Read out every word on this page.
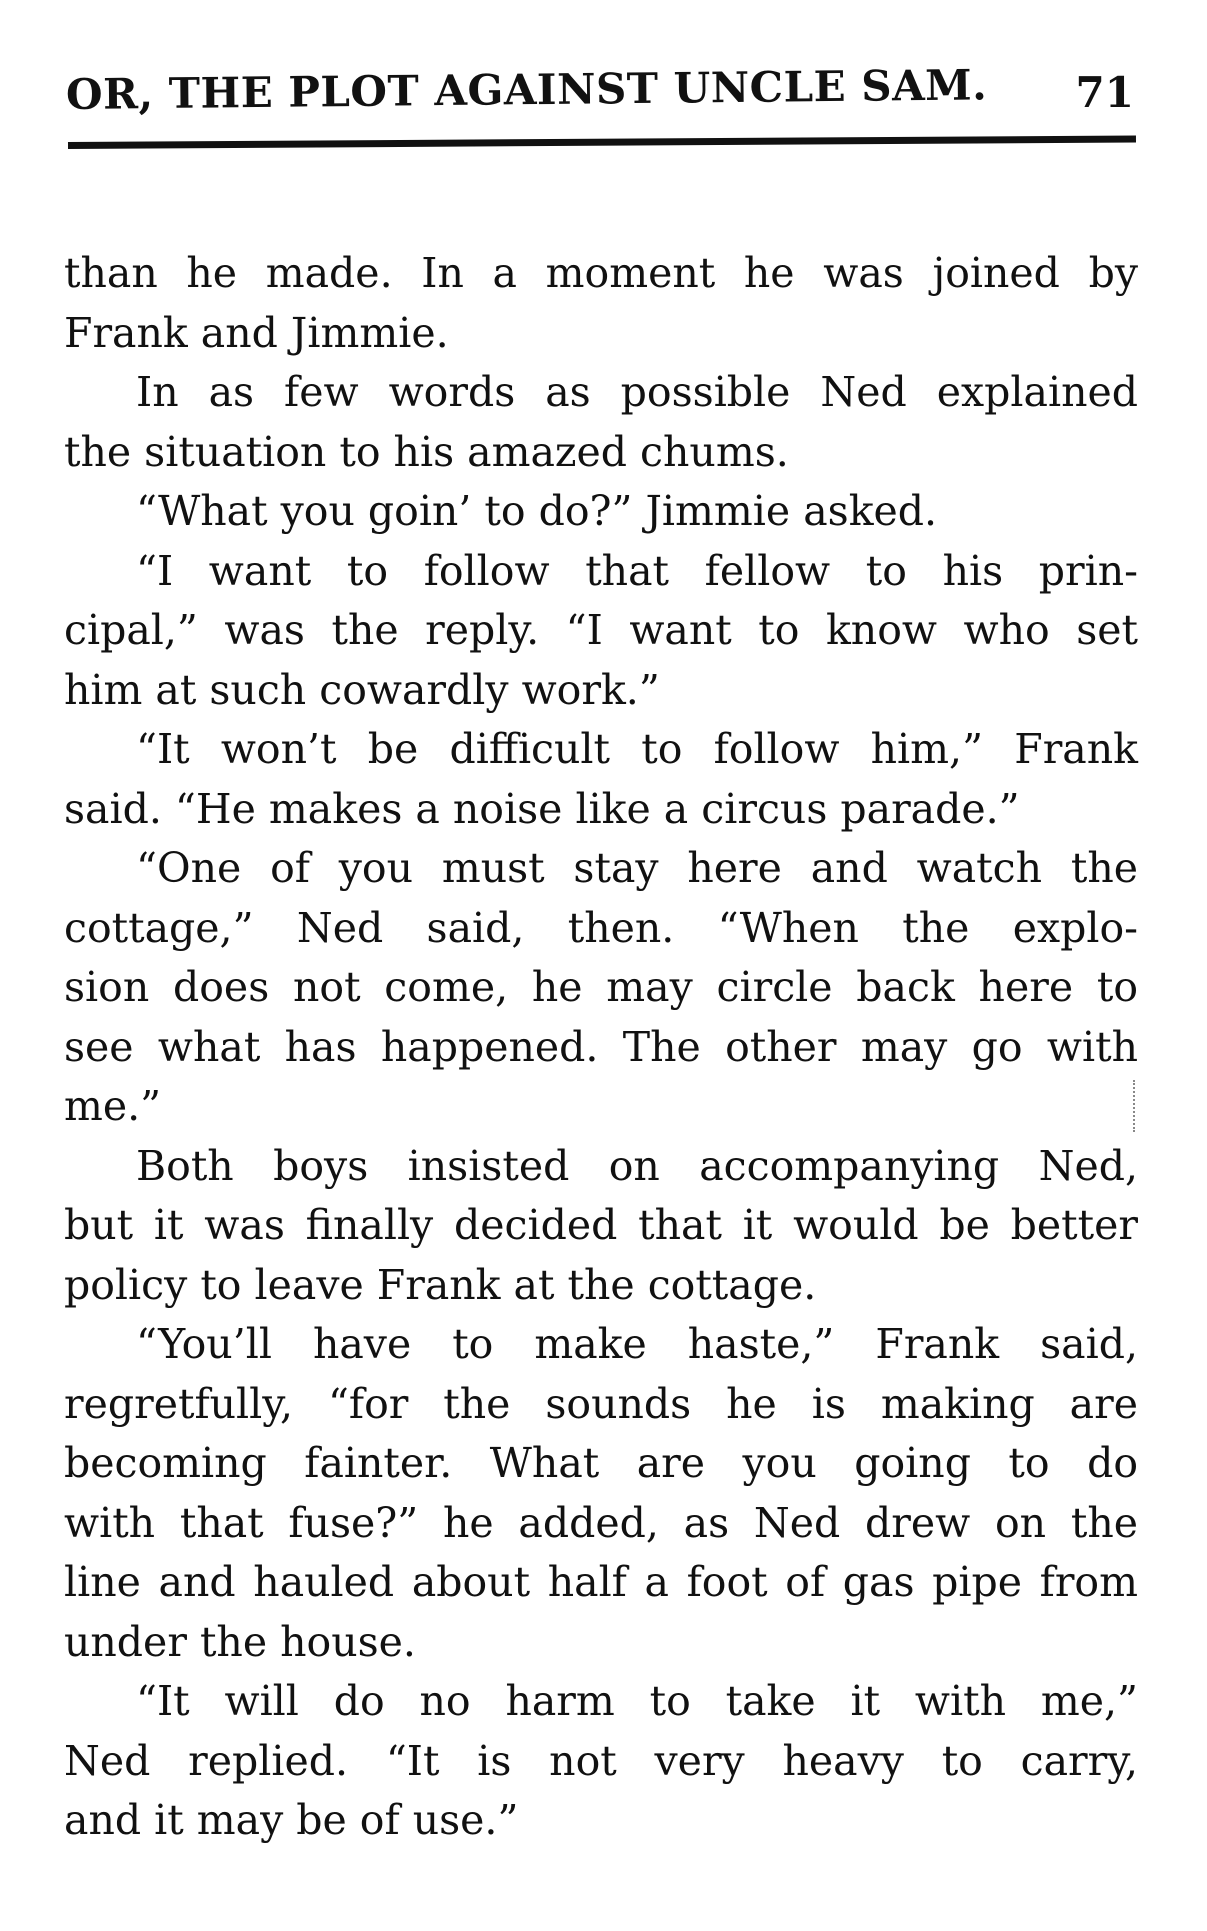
OR, THE PLOT AGAINST UNCLE SAM. 71
than he made. In a moment he was joined by
Frank and Jimmie.
In as few words as possible Ned explained
the situation to his amazed chums.
“What you goin’ to do?” Jimmie asked.
“I want to follow that fellow to his prin-
cipal,” was the reply. “I want to know who set
him at such cowardly work.”
“It won’t be difficult to follow him,” Frank
said. “He makes a noise like a circus parade.”
“One of you must stay here and watch the
cottage,” Ned said, then. “When the explo-
sion does not come, he may circle back here to
see what has happened. The other may go with
me.”
Both boys insisted on accompanying Ned,
but it was finally decided that it would be better
policy to leave Frank at the cottage.
“You’ll have to make haste,” Frank said,
regretfully, “for the sounds he is making are
becoming fainter. What are you going to do
with that fuse?” he added, as Ned drew on the
line and hauled about half a foot of gas pipe from
under the house.
“It will do no harm to take it with me,”
Ned replied. “It is not very heavy to carry,
and it may be of use.”
